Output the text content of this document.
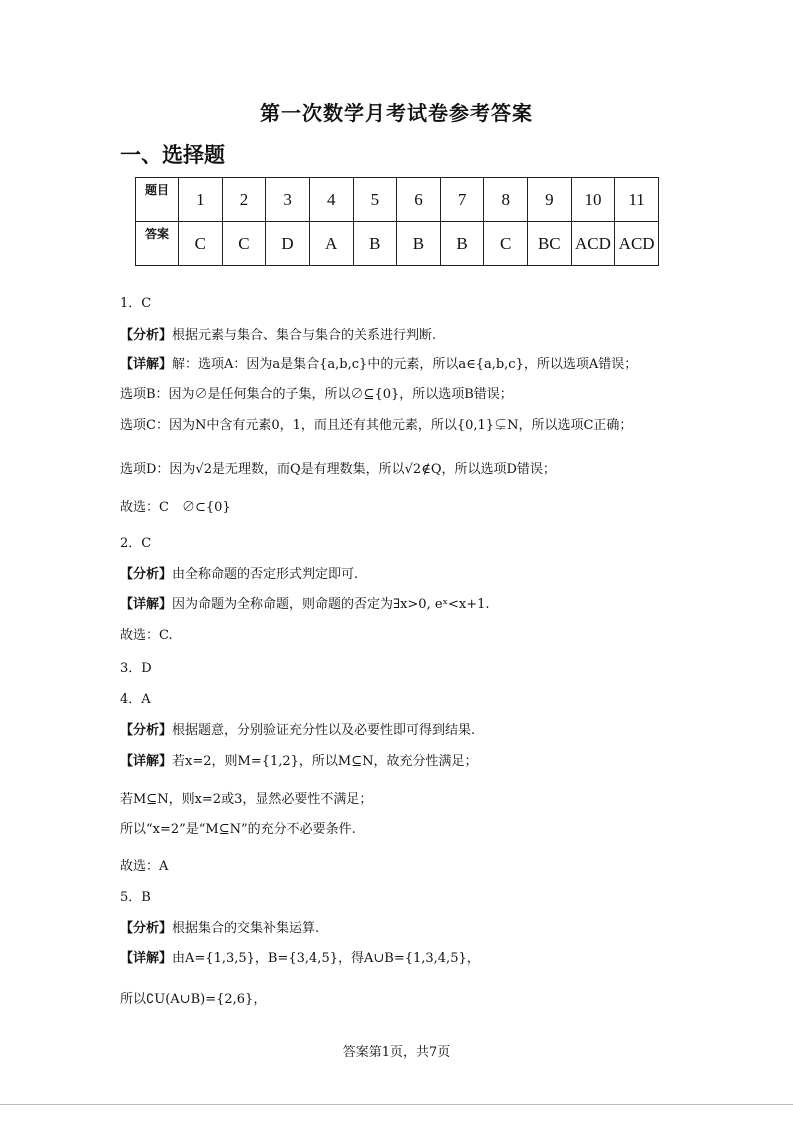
第一次数学月考试卷参考答案
一、选择题
题目	1	2	3	4	5	6	7	8	9	10	11
答案	C	C	D	A	B	B	B	C	BC	ACD	ACD
1．C
【分析】根据元素与集合、集合与集合的关系进行判断.
【详解】解：选项A：因为a是集合{a,b,c}中的元素，所以a∈{a,b,c}，所以选项A错误；
选项B：因为∅是任何集合的子集，所以∅⊆{0}，所以选项B错误；
选项C：因为N中含有元素0，1，而且还有其他元素，所以{0,1}⊊N，所以选项C正确；
选项D：因为√2是无理数，而Q是有理数集，所以√2∉Q，所以选项D错误；
故选：C　∅⊂{0}
2．C
【分析】由全称命题的否定形式判定即可.
【详解】因为命题为全称命题，则命题的否定为∃x>0, eˣ<x+1.
故选：C.
3．D
4．A
【分析】根据题意，分别验证充分性以及必要性即可得到结果.
【详解】若x=2，则M={1,2}，所以M⊆N，故充分性满足；
若M⊆N，则x=2或3，显然必要性不满足；
所以“x=2”是“M⊆N”的充分不必要条件.
故选：A
5．B
【分析】根据集合的交集补集运算.
【详解】由A={1,3,5}，B={3,4,5}，得A∪B={1,3,4,5}，
所以∁U(A∪B)={2,6}，
答案第1页，共7页
